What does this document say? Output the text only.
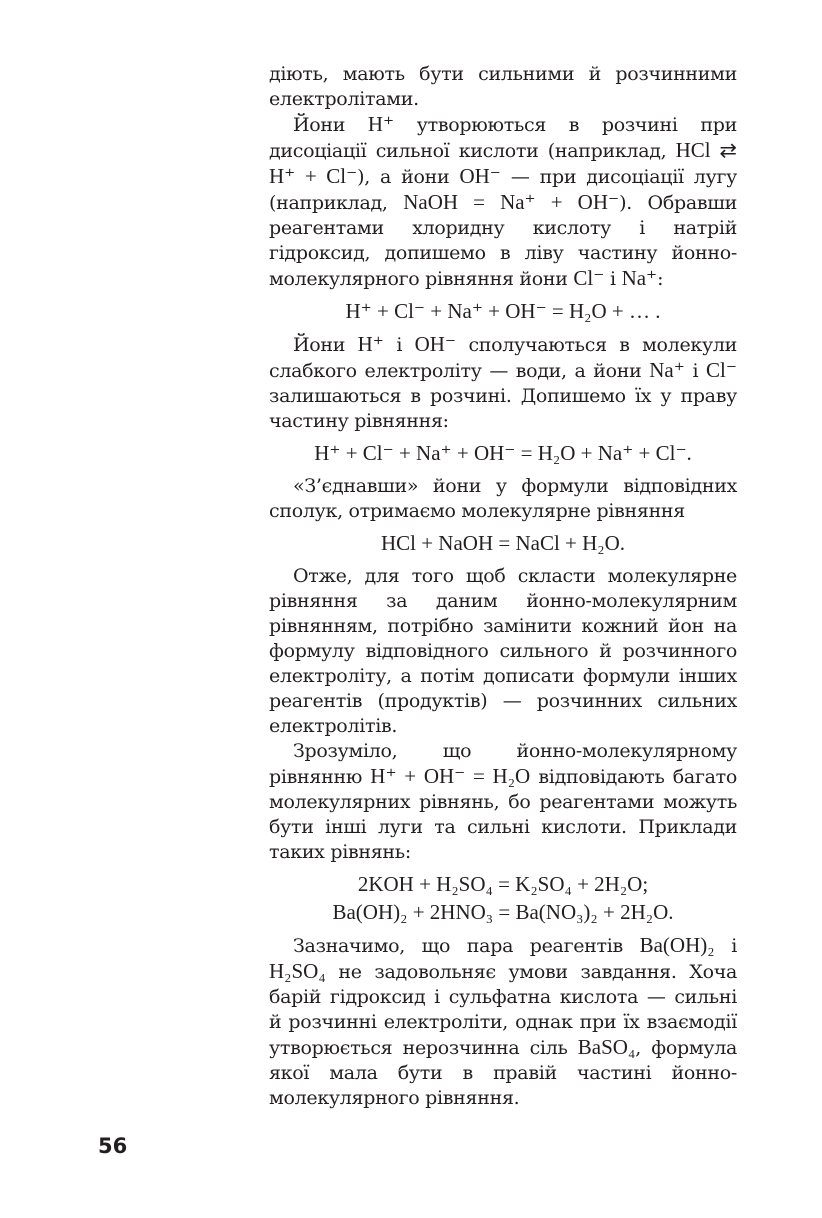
діють, мають бути сильними й розчинними електролітами.

Йони H⁺ утворюються в розчині при дисоціації сильної кислоти (наприклад, HCl ⇄ H⁺ + Cl⁻), а йони OH⁻ — при дисоціації лугу (наприклад, NaOH = Na⁺ + OH⁻). Обравши реагентами хлоридну кислоту і натрій гідроксид, допишемо в ліву частину йонно-молекулярного рівняння йони Cl⁻ і Na⁺:

H⁺ + Cl⁻ + Na⁺ + OH⁻ = H₂O + … .

Йони H⁺ і OH⁻ сполучаються в молекули слабкого електроліту — води, а йони Na⁺ і Cl⁻ залишаються в розчині. Допишемо їх у праву частину рівняння:

H⁺ + Cl⁻ + Na⁺ + OH⁻ = H₂O + Na⁺ + Cl⁻.

«З’єднавши» йони у формули відповідних сполук, отримаємо молекулярне рівняння

HCl + NaOH = NaCl + H₂O.

Отже, для того щоб скласти молекулярне рівняння за даним йонно-молекулярним рівнянням, потрібно замінити кожний йон на формулу відповідного сильного й розчинного електроліту, а потім дописати формули інших реагентів (продуктів) — розчинних сильних електролітів.

Зрозуміло, що йонно-молекулярному рівнянню H⁺ + OH⁻ = H₂O відповідають багато молекулярних рівнянь, бо реагентами можуть бути інші луги та сильні кислоти. Приклади таких рівнянь:

2KOH + H₂SO₄ = K₂SO₄ + 2H₂O;
Ba(OH)₂ + 2HNO₃ = Ba(NO₃)₂ + 2H₂O.

Зазначимо, що пара реагентів Ba(OH)₂ і H₂SO₄ не задовольняє умови завдання. Хоча барій гідроксид і сульфатна кислота — сильні й розчинні електроліти, однак при їх взаємодії утворюється нерозчинна сіль BaSO₄, формула якої мала бути в правій частині йонно-молекулярного рівняння.

56
